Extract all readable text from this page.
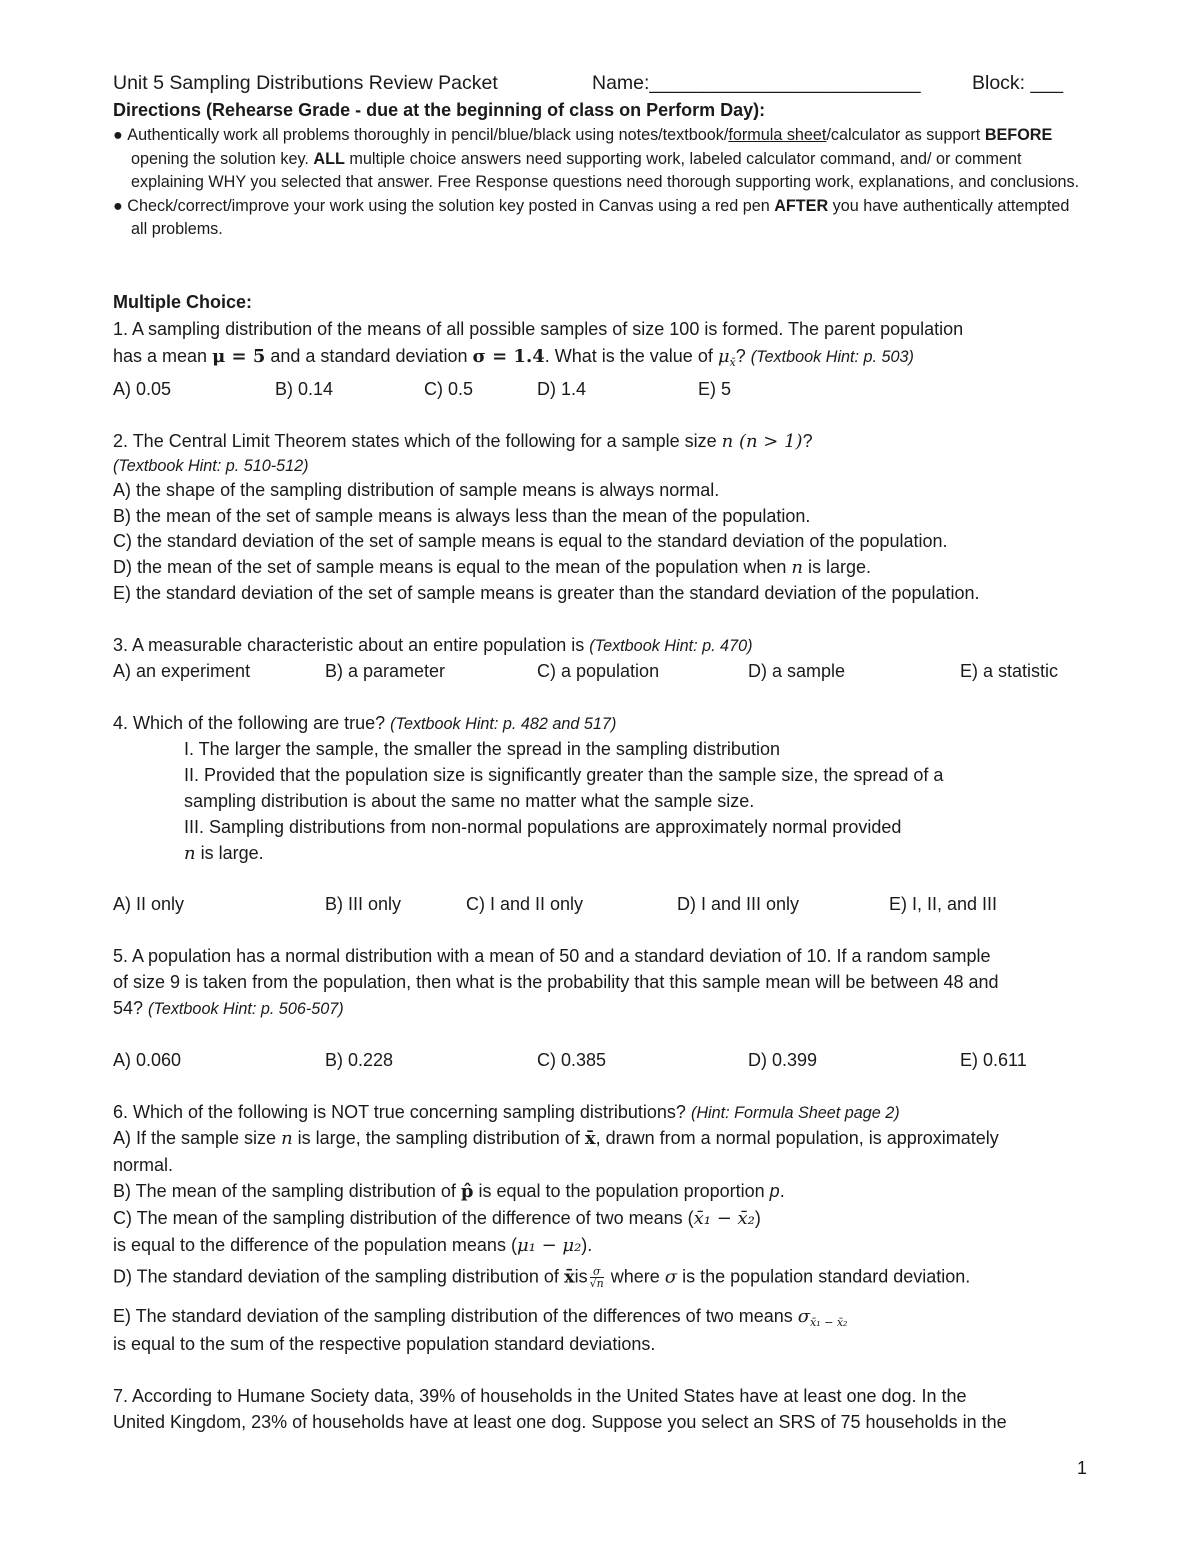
Unit 5 Sampling Distributions Review Packet	Name:_________________________	Block: ___
Directions (Rehearse Grade - due at the beginning of class on Perform Day):

● Authentically work all problems thoroughly in pencil/blue/black using notes/textbook/formula sheet/calculator as support BEFORE opening the solution key. ALL multiple choice answers need supporting work, labeled calculator command, and/ or comment explaining WHY you selected that answer. Free Response questions need thorough supporting work, explanations, and conclusions.

● Check/correct/improve your work using the solution key posted in Canvas using a red pen AFTER you have authentically attempted all problems.

Multiple Choice:
1. A sampling distribution of the means of all possible samples of size 100 is formed. The parent population
has a mean μ = 5 and a standard deviation σ = 1.4. What is the value of $\mu_{x̄}$? (Textbook Hint: p. 503)
A) 0.05	B) 0.14	C) 0.5	D) 1.4	E) 5
2. The Central Limit Theorem states which of the following for a sample size n (n > 1)?
(Textbook Hint: p. 510-512)
A) the shape of the sampling distribution of sample means is always normal.
B) the mean of the set of sample means is always less than the mean of the population.
C) the standard deviation of the set of sample means is equal to the standard deviation of the population.
D) the mean of the set of sample means is equal to the mean of the population when n is large.
E) the standard deviation of the set of sample means is greater than the standard deviation of the population.
3. A measurable characteristic about an entire population is (Textbook Hint: p. 470)
A) an experiment	B) a parameter	C) a population	D) a sample	E) a statistic
4. Which of the following are true? (Textbook Hint: p. 482 and 517)
I. The larger the sample, the smaller the spread in the sampling distribution
II. Provided that the population size is significantly greater than the sample size, the spread of a
sampling distribution is about the same no matter what the sample size.
III. Sampling distributions from non-normal populations are approximately normal provided
n is large.
A) II only	B) III only	C) I and II only	D) I and III only	E) I, II, and III
5. A population has a normal distribution with a mean of 50 and a standard deviation of 10. If a random sample
of size 9 is taken from the population, then what is the probability that this sample mean will be between 48 and
54? (Textbook Hint: p. 506-507)
A) 0.060	B) 0.228	C) 0.385	D) 0.399	E) 0.611
6. Which of the following is NOT true concerning sampling distributions? (Hint: Formula Sheet page 2)
A) If the sample size n is large, the sampling distribution of x̄, drawn from a normal population, is approximately
normal.
B) The mean of the sampling distribution of p̂ is equal to the population proportion p.
C) The mean of the sampling distribution of the difference of two means (x̄₁ − x̄₂)
is equal to the difference of the population means (μ₁ − μ₂).
D) The standard deviation of the sampling distribution of x̄is $\frac{\sigma}{√n}$ where σ is the population standard deviation.
E) The standard deviation of the sampling distribution of the differences of two means $\sigma_{x̄_1 - x̄_2}$
is equal to the sum of the respective population standard deviations.
7. According to Humane Society data, 39% of households in the United States have at least one dog. In the
United Kingdom, 23% of households have at least one dog. Suppose you select an SRS of 75 households in the
1
